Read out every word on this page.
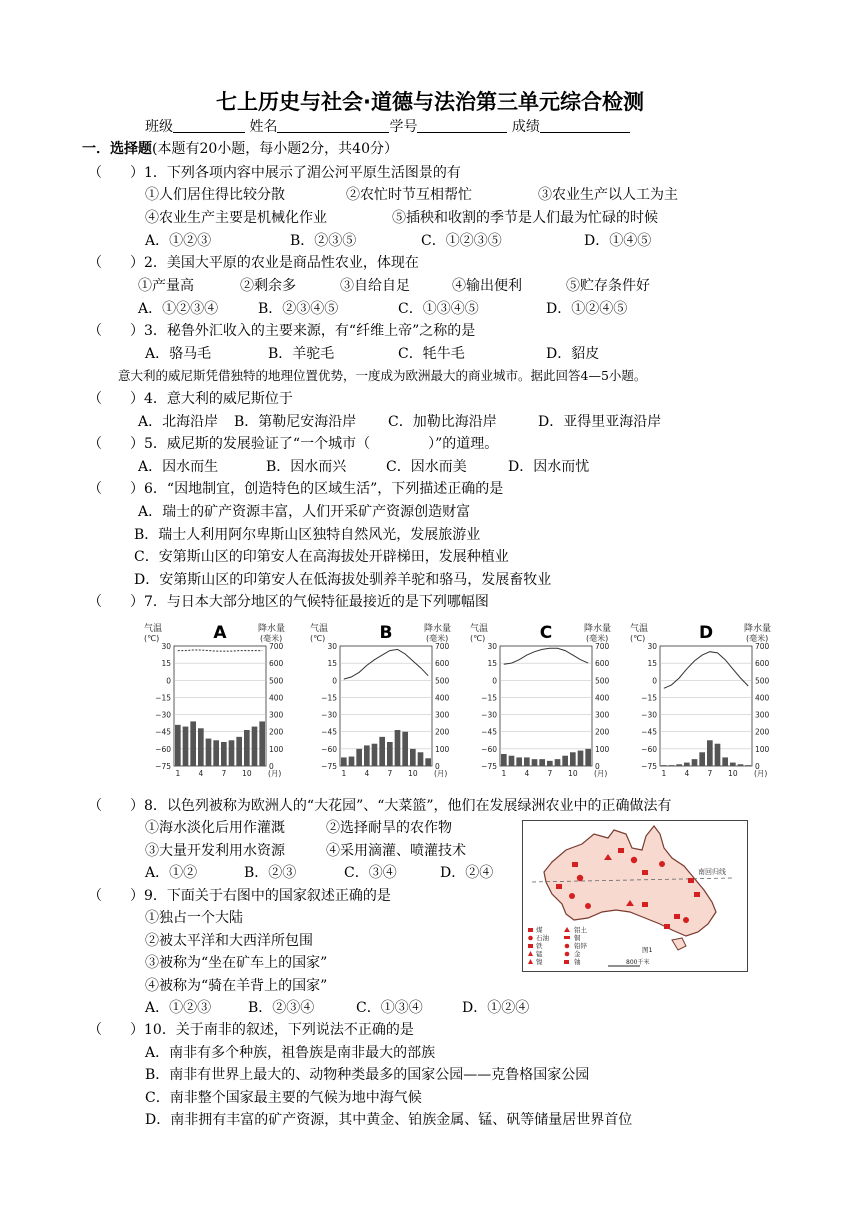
七上历史与社会·道德与法治第三单元综合检测
班级	姓名	学号	成绩
一．选择题(本题有20小题，每小题2分，共40分）
（ ）1．下列各项内容中展示了湄公河平原生活图景的有
①人们居住得比较分散	②农忙时节互相帮忙	③农业生产以人工为主
④农业生产主要是机械化作业	⑤插秧和收割的季节是人们最为忙碌的时候
A．①②③	B．②③⑤	C．①②③⑤	D．①④⑤
（ ）2．美国大平原的农业是商品性农业，体现在
①产量高	②剩余多	③自给自足	④输出便利	⑤贮存条件好
A．①②③④	B．②③④⑤	C．①③④⑤	D．①②④⑤
（ ）3．秘鲁外汇收入的主要来源，有“纤维上帝”之称的是
A．骆马毛	B．羊驼毛	C．牦牛毛	D．貂皮
意大利的威尼斯凭借独特的地理位置优势，一度成为欧洲最大的商业城市。据此回答4—5小题。
（ ）4．意大利的威尼斯位于
A．北海沿岸 B．第勒尼安海沿岸 C．加勒比海沿岸	D．亚得里亚海沿岸
（ ）5．威尼斯的发展验证了“一个城市（	）”的道理。
A．因水而生	B．因水而兴	C．因水而美	D．因水而忧
（ ）6．“因地制宜，创造特色的区域生活”，下列描述正确的是
A．瑞士的矿产资源丰富，人们开采矿产资源创造财富
B．瑞士人利用阿尔卑斯山区独特自然风光，发展旅游业
C．安第斯山区的印第安人在高海拔处开辟梯田，发展种植业
D．安第斯山区的印第安人在低海拔处驯养羊驼和骆马，发展畜牧业
（ ）7．与日本大部分地区的气候特征最接近的是下列哪幅图
气温
(℃)
降水量
(毫米)
A
30	700
15	600
0	500
−15	400
−30	300
−45	200
−60	100
−75	0
1 4 7 10 (月)
气温
(℃)
降水量
(毫米)
B
30	700
15	600
0	500
−15	400
−30	300
−45	200
−60	100
−75	0
1 4 7 10 (月)
气温
(℃)
降水量
(毫米)
C
30	700
15	600
0	500
−15	400
−30	300
−45	200
−60	100
−75	0
1 4 7 10 (月)
气温
(℃)
降水量
(毫米)
D
30	700
15	600
0	500
−15	400
−30	300
−45	200
−60	100
−75	0
1 4 7 10 (月)
（ ）8．以色列被称为欧洲人的“大花园”、“大菜篮”，他们在发展绿洲农业中的正确做法有
①海水淡化后用作灌溉	②选择耐旱的农作物
③大量开发利用水资源	④采用滴灌、喷灌技术
A．①②	B．②③	C．③④	D．②④
（ ）9．下面关于右图中的国家叙述正确的是
①独占一个大陆
②被太平洋和大西洋所包围
③被称为“坐在矿车上的国家”
④被称为“骑在羊背上的国家”
A．①②③	B．②③④	C．①③④	D．①②④
南回归线
煤	铝土
石油	铜
铁	铅锌
锰	金
镍	铀
图1
800千米
（ ）10．关于南非的叙述，下列说法不正确的是
A．南非有多个种族，祖鲁族是南非最大的部族
B．南非有世界上最大的、动物种类最多的国家公园——克鲁格国家公园
C．南非整个国家最主要的气候为地中海气候
D．南非拥有丰富的矿产资源，其中黄金、铂族金属、锰、矾等储量居世界首位
